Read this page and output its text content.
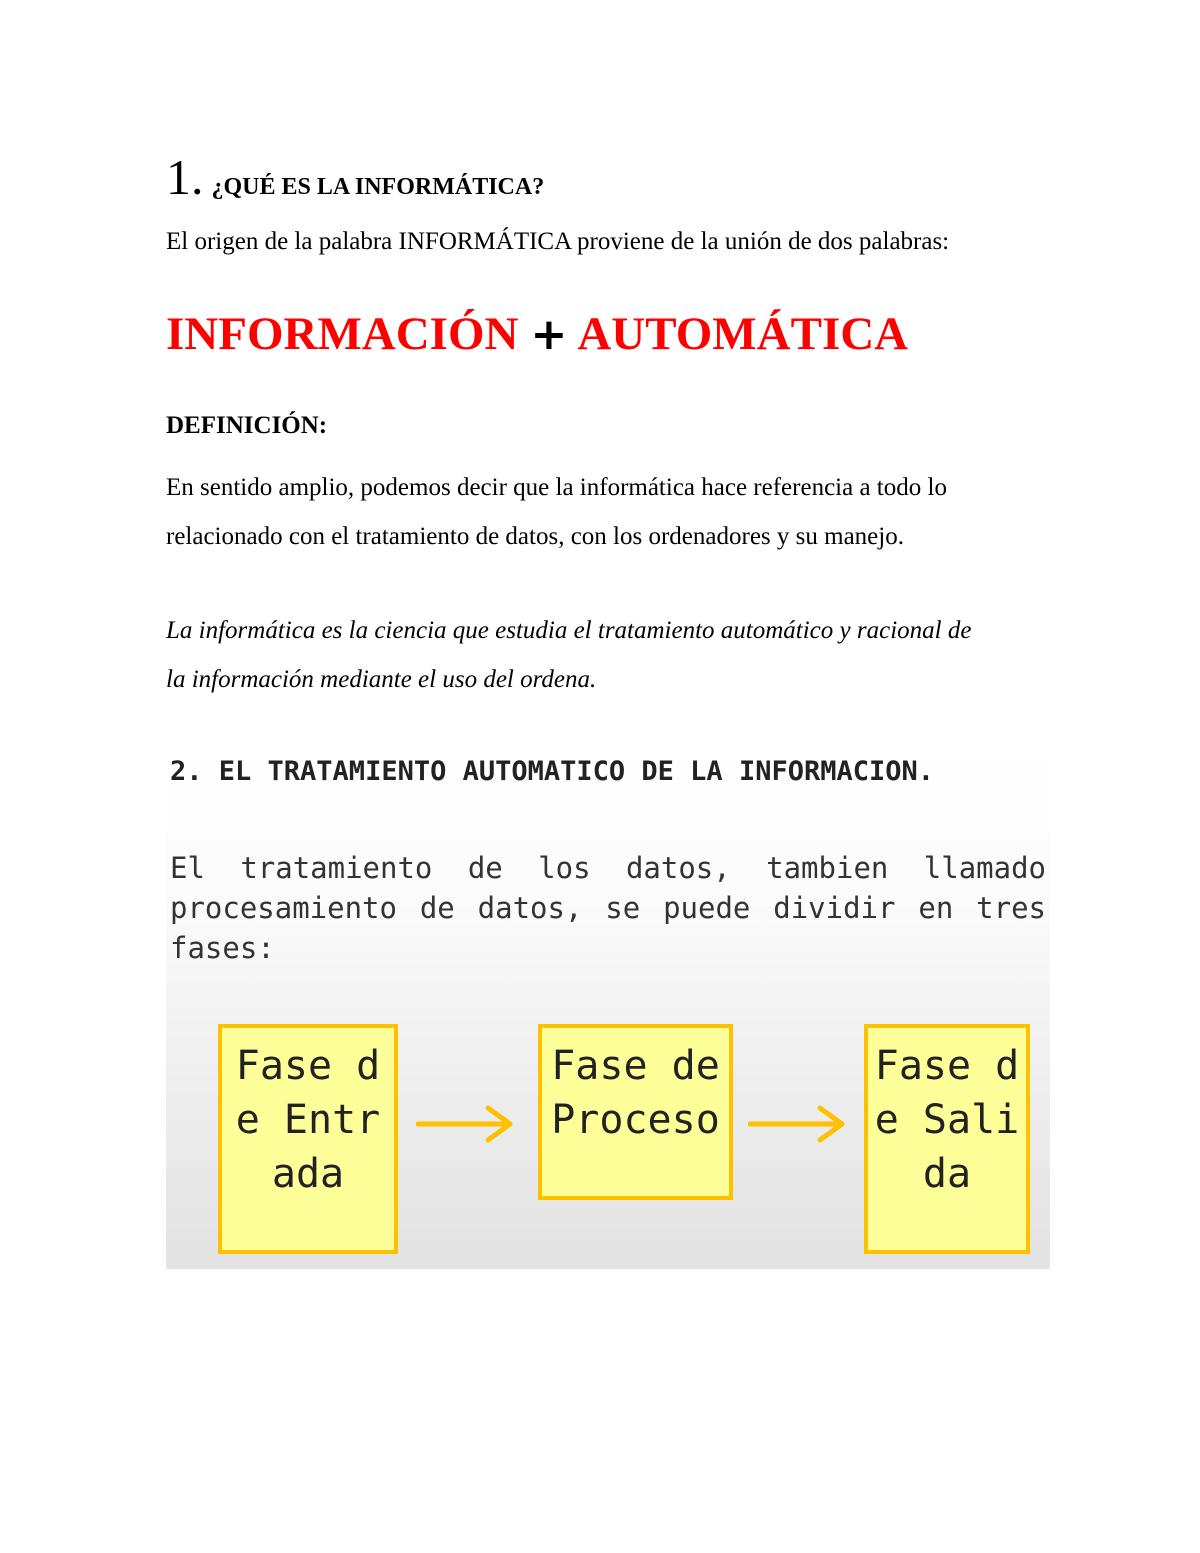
1. ¿QUÉ ES LA INFORMÁTICA?
El origen de la palabra INFORMÁTICA proviene de la unión de dos palabras:
INFORMACIÓN + AUTOMÁTICA
DEFINICIÓN:
En sentido amplio, podemos decir que la informática hace referencia a todo lo
relacionado con el tratamiento de datos, con los ordenadores y su manejo.
La informática es la ciencia que estudia el tratamiento automático y racional de
la información mediante el uso del ordena.
2. EL TRATAMIENTO AUTOMATICO DE LA INFORMACION.
El tratamiento de los datos, tambien llamado procesamiento de datos, se puede dividir en tres fases:
Fase de Entrada
Fase de Proceso
Fase de Salida
